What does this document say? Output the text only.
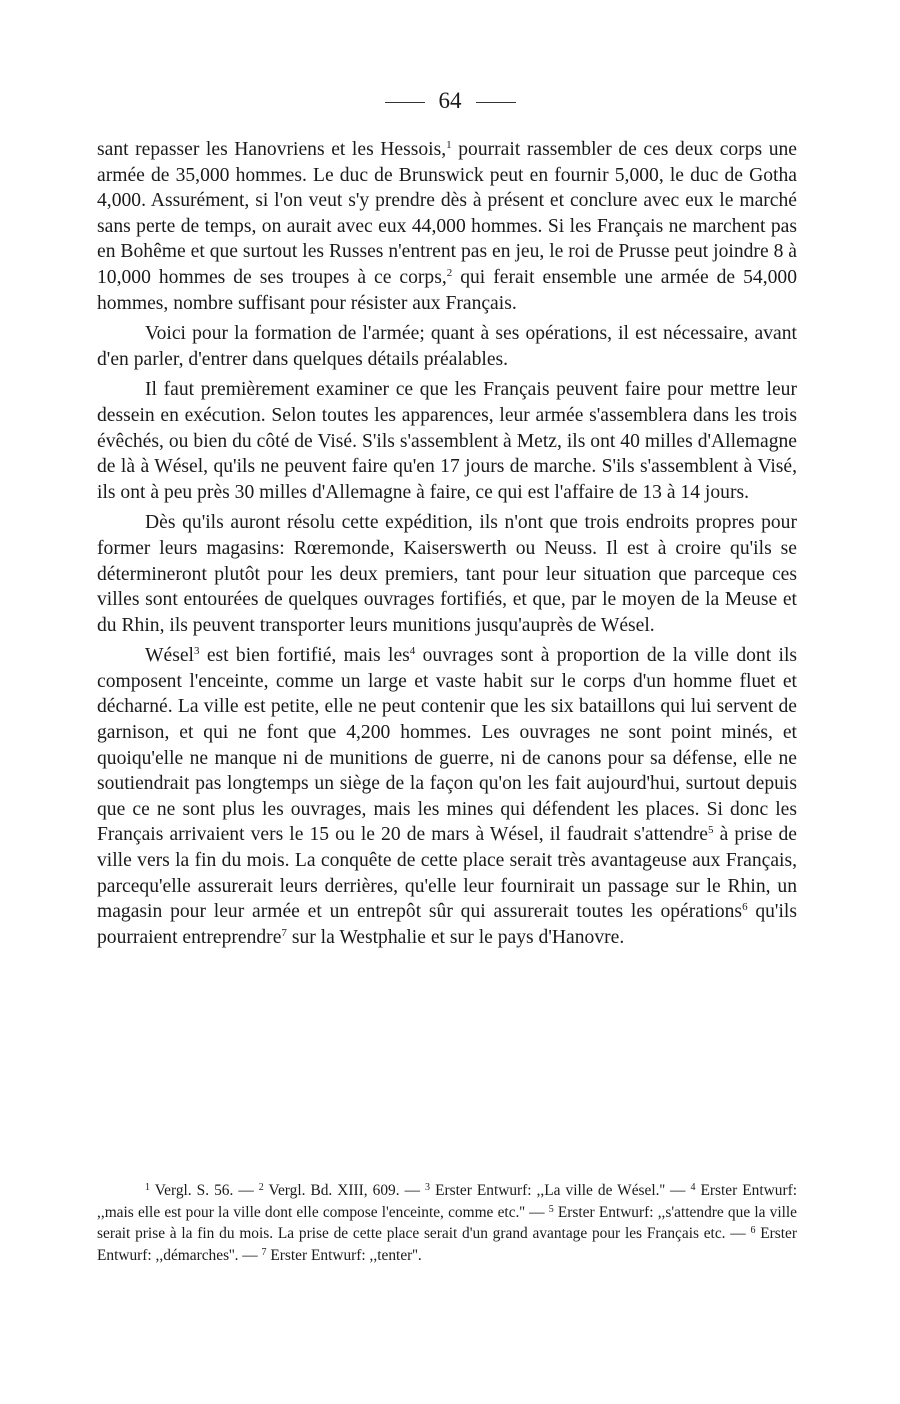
64

sant repasser les Hanovriens et les Hessois,$^1$ pourrait rassembler de ces deux corps une armée de 35,000 hommes. Le duc de Brunswick peut en fournir 5,000, le duc de Gotha 4,000. Assurément, si l'on veut s'y prendre dès à présent et conclure avec eux le marché sans perte de temps, on aurait avec eux 44,000 hommes. Si les Français ne marchent pas en Bohême et que surtout les Russes n'entrent pas en jeu, le roi de Prusse peut joindre 8 à 10,000 hommes de ses troupes à ce corps,$^2$ qui ferait ensemble une armée de 54,000 hommes, nombre suffisant pour résister aux Français.

Voici pour la formation de l'armée; quant à ses opérations, il est nécessaire, avant d'en parler, d'entrer dans quelques détails préalables.

Il faut premièrement examiner ce que les Français peuvent faire pour mettre leur dessein en exécution. Selon toutes les apparences, leur armée s'assemblera dans les trois évêchés, ou bien du côté de Visé. S'ils s'assemblent à Metz, ils ont 40 milles d'Allemagne de là à Wésel, qu'ils ne peuvent faire qu'en 17 jours de marche. S'ils s'assemblent à Visé, ils ont à peu près 30 milles d'Allemagne à faire, ce qui est l'affaire de 13 à 14 jours.

Dès qu'ils auront résolu cette expédition, ils n'ont que trois endroits propres pour former leurs magasins: Rœremonde, Kaiserswerth ou Neuss. Il est à croire qu'ils se détermineront plutôt pour les deux premiers, tant pour leur situation que parceque ces villes sont entourées de quelques ouvrages fortifiés, et que, par le moyen de la Meuse et du Rhin, ils peuvent transporter leurs munitions jusqu'auprès de Wésel.

Wésel$^3$ est bien fortifié, mais les$^4$ ouvrages sont à proportion de la ville dont ils composent l'enceinte, comme un large et vaste habit sur le corps d'un homme fluet et décharné. La ville est petite, elle ne peut contenir que les six bataillons qui lui servent de garnison, et qui ne font que 4,200 hommes. Les ouvrages ne sont point minés, et quoiqu'elle ne manque ni de munitions de guerre, ni de canons pour sa défense, elle ne soutiendrait pas longtemps un siège de la façon qu'on les fait aujourd'hui, surtout depuis que ce ne sont plus les ouvrages, mais les mines qui défendent les places. Si donc les Français arrivaient vers le 15 ou le 20 de mars à Wésel, il faudrait s'attendre$^5$ à prise de ville vers la fin du mois. La conquête de cette place serait très avantageuse aux Français, parcequ'elle assurerait leurs derrières, qu'elle leur fournirait un passage sur le Rhin, un magasin pour leur armée et un entrepôt sûr qui assurerait toutes les opérations$^6$ qu'ils pourraient entreprendre$^7$ sur la Westphalie et sur le pays d'Hanovre.

$^1$ Vergl. S. 56. — $^2$ Vergl. Bd. XIII, 609. — $^3$ Erster Entwurf: ,,La ville de Wésel.'' — $^4$ Erster Entwurf: ,,mais elle est pour la ville dont elle compose l'enceinte, comme etc.'' — $^5$ Erster Entwurf: ,,s'attendre que la ville serait prise à la fin du mois. La prise de cette place serait d'un grand avantage pour les Français etc. — $^6$ Erster Entwurf: ,,démarches''. — $^7$ Erster Entwurf: ,,tenter''.
